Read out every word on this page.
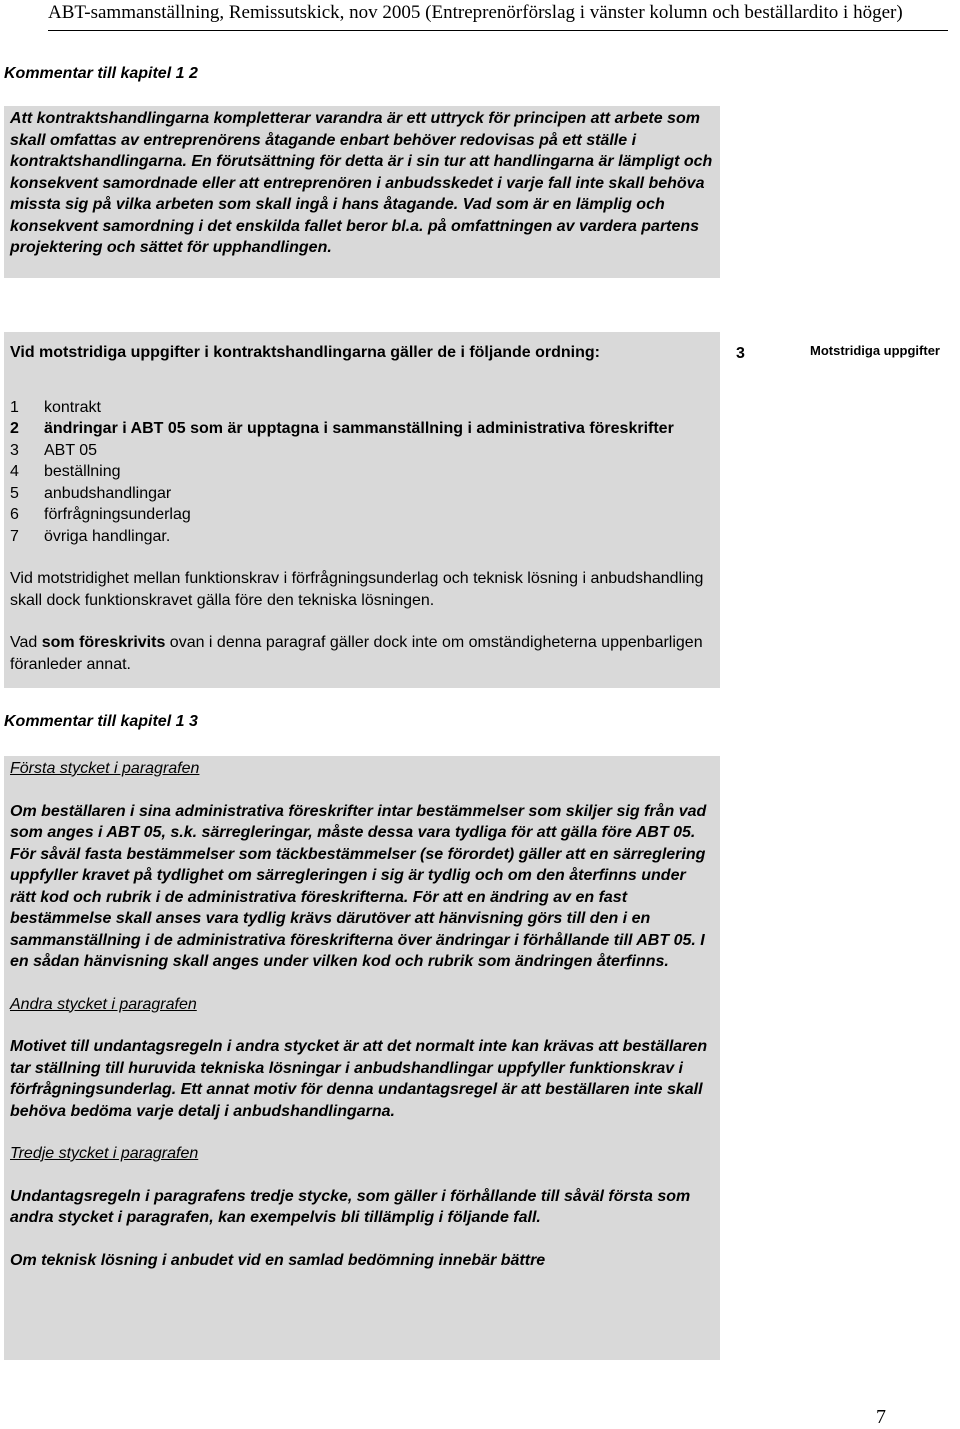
ABT-sammanställning, Remissutskick, nov 2005 (Entreprenörförslag i vänster kolumn och beställardito i höger)
Kommentar till kapitel 1 2

Att kontraktshandlingarna kompletterar varandra är ett uttryck för principen att arbete som skall omfattas av entreprenörens åtagande enbart behöver redovisas på ett ställe i kontraktshandlingarna. En förutsättning för detta är i sin tur att handlingarna är lämpligt och konsekvent samordnade eller att entreprenören i anbudsskedet i varje fall inte skall behöva missta sig på vilka arbeten som skall ingå i hans åtagande. Vad som är en lämplig och konsekvent samordning i det enskilda fallet beror bl.a. på omfattningen av vardera partens projektering och sättet för upphandlingen.

Vid motstridiga uppgifter i kontraktshandlingarna gäller de i följande ordning:

1	kontrakt
2	ändringar i ABT 05 som är upptagna i sammanställning i administrativa föreskrifter
3	ABT 05
4	beställning
5	anbudshandlingar
6	förfrågningsunderlag
7	övriga handlingar.

Vid motstridighet mellan funktionskrav i förfrågningsunderlag och teknisk lösning i anbudshandling skall dock funktionskravet gälla före den tekniska lösningen.

Vad som föreskrivits ovan i denna paragraf gäller dock inte om omständigheterna uppenbarligen föranleder annat.

3	Motstridiga uppgifter
Kommentar till kapitel 1 3

Första stycket i paragrafen

Om beställaren i sina administrativa föreskrifter intar bestämmelser som skiljer sig från vad som anges i ABT 05, s.k. särregleringar, måste dessa vara tydliga för att gälla före ABT 05. För såväl fasta bestämmelser som täckbestämmelser (se förordet) gäller att en särreglering uppfyller kravet på tydlighet om särregleringen i sig är tydlig och om den återfinns under rätt kod och rubrik i de administrativa föreskrifterna. För att en ändring av en fast bestämmelse skall anses vara tydlig krävs därutöver att hänvisning görs till den i en sammanställning i de administrativa föreskrifterna över ändringar i förhållande till ABT 05. I en sådan hänvisning skall anges under vilken kod och rubrik som ändringen återfinns.

Andra stycket i paragrafen

Motivet till undantagsregeln i andra stycket är att det normalt inte kan krävas att beställaren tar ställning till huruvida tekniska lösningar i anbudshandlingar uppfyller funktionskrav i förfrågningsunderlag. Ett annat motiv för denna undantagsregel är att beställaren inte skall behöva bedöma varje detalj i anbudshandlingarna.

Tredje stycket i paragrafen

Undantagsregeln i paragrafens tredje stycke, som gäller i förhållande till såväl första som andra stycket i paragrafen, kan exempelvis bli tillämplig i följande fall.

Om teknisk lösning i anbudet vid en samlad bedömning innebär bättre

7
